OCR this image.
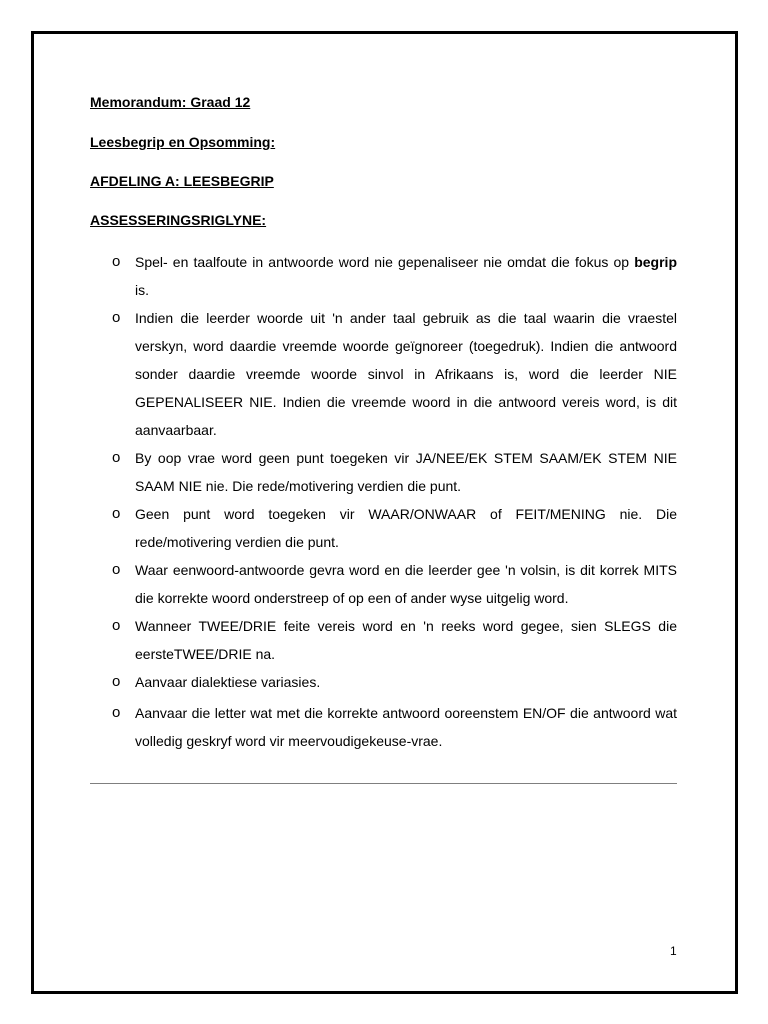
Memorandum: Graad 12
Leesbegrip en Opsomming:
AFDELING A: LEESBEGRIP
ASSESSERINGSRIGLYNE:
o Spel- en taalfoute in antwoorde word nie gepenaliseer nie omdat die fokus op begrip is.
o Indien die leerder woorde uit 'n ander taal gebruik as die taal waarin die vraestel verskyn, word daardie vreemde woorde geïgnoreer (toegedruk). Indien die antwoord sonder daardie vreemde woorde sinvol in Afrikaans is, word die leerder NIE GEPENALISEER NIE. Indien die vreemde woord in die antwoord vereis word, is dit aanvaarbaar.
o By oop vrae word geen punt toegeken vir JA/NEE/EK STEM SAAM/EK STEM NIE SAAM NIE nie. Die rede/motivering verdien die punt.
o Geen punt word toegeken vir WAAR/ONWAAR of FEIT/MENING nie. Die rede/motivering verdien die punt.
o Waar eenwoord-antwoorde gevra word en die leerder gee 'n volsin, is dit korrek MITS die korrekte woord onderstreep of op een of ander wyse uitgelig word.
o Wanneer TWEE/DRIE feite vereis word en 'n reeks word gegee, sien SLEGS die eersteTWEE/DRIE na.
o Aanvaar dialektiese variasies.
o Aanvaar die letter wat met die korrekte antwoord ooreenstem EN/OF die antwoord wat volledig geskryf word vir meervoudigekeuse-vrae.
1
